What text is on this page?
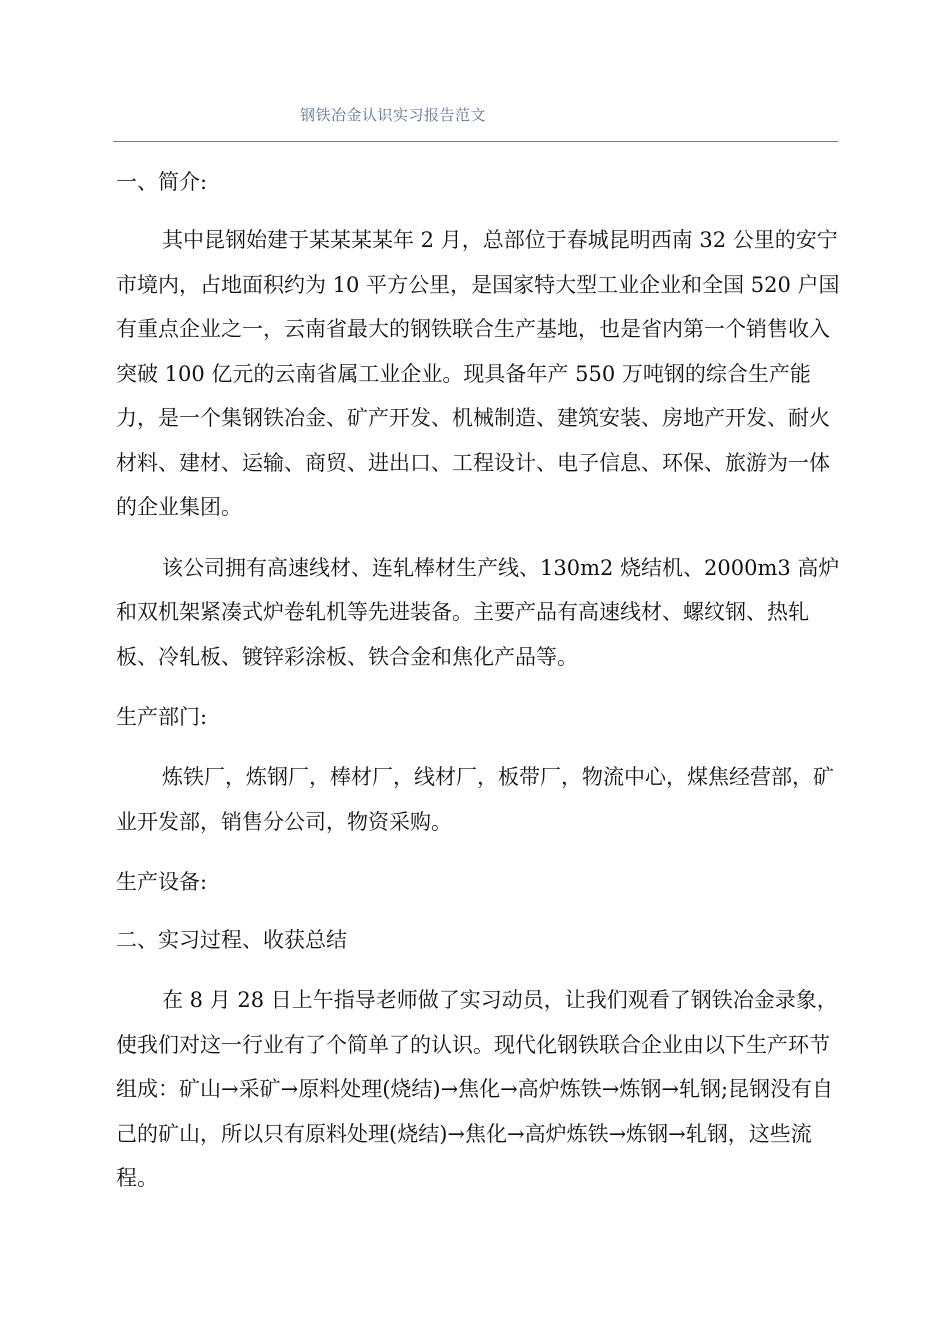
钢铁冶金认识实习报告范文

一、简介:

其中昆钢始建于某某某某年 2 月，总部位于春城昆明西南 32 公里的安宁市境内，占地面积约为 10 平方公里，是国家特大型工业企业和全国 520 户国有重点企业之一，云南省最大的钢铁联合生产基地，也是省内第一个销售收入突破 100 亿元的云南省属工业企业。现具备年产 550 万吨钢的综合生产能力，是一个集钢铁冶金、矿产开发、机械制造、建筑安装、房地产开发、耐火材料、建材、运输、商贸、进出口、工程设计、电子信息、环保、旅游为一体的企业集团。

该公司拥有高速线材、连轧棒材生产线、130m2 烧结机、2000m3 高炉和双机架紧凑式炉卷轧机等先进装备。主要产品有高速线材、螺纹钢、热轧板、冷轧板、镀锌彩涂板、铁合金和焦化产品等。

生产部门:

炼铁厂，炼钢厂，棒材厂，线材厂，板带厂，物流中心，煤焦经营部，矿业开发部，销售分公司，物资采购。

生产设备:

二、实习过程、收获总结

在 8 月 28 日上午指导老师做了实习动员，让我们观看了钢铁冶金录象，使我们对这一行业有了个简单了的认识。现代化钢铁联合企业由以下生产环节组成：矿山→采矿→原料处理(烧结)→焦化→高炉炼铁→炼钢→轧钢;昆钢没有自己的矿山，所以只有原料处理(烧结)→焦化→高炉炼铁→炼钢→轧钢，这些流程。
